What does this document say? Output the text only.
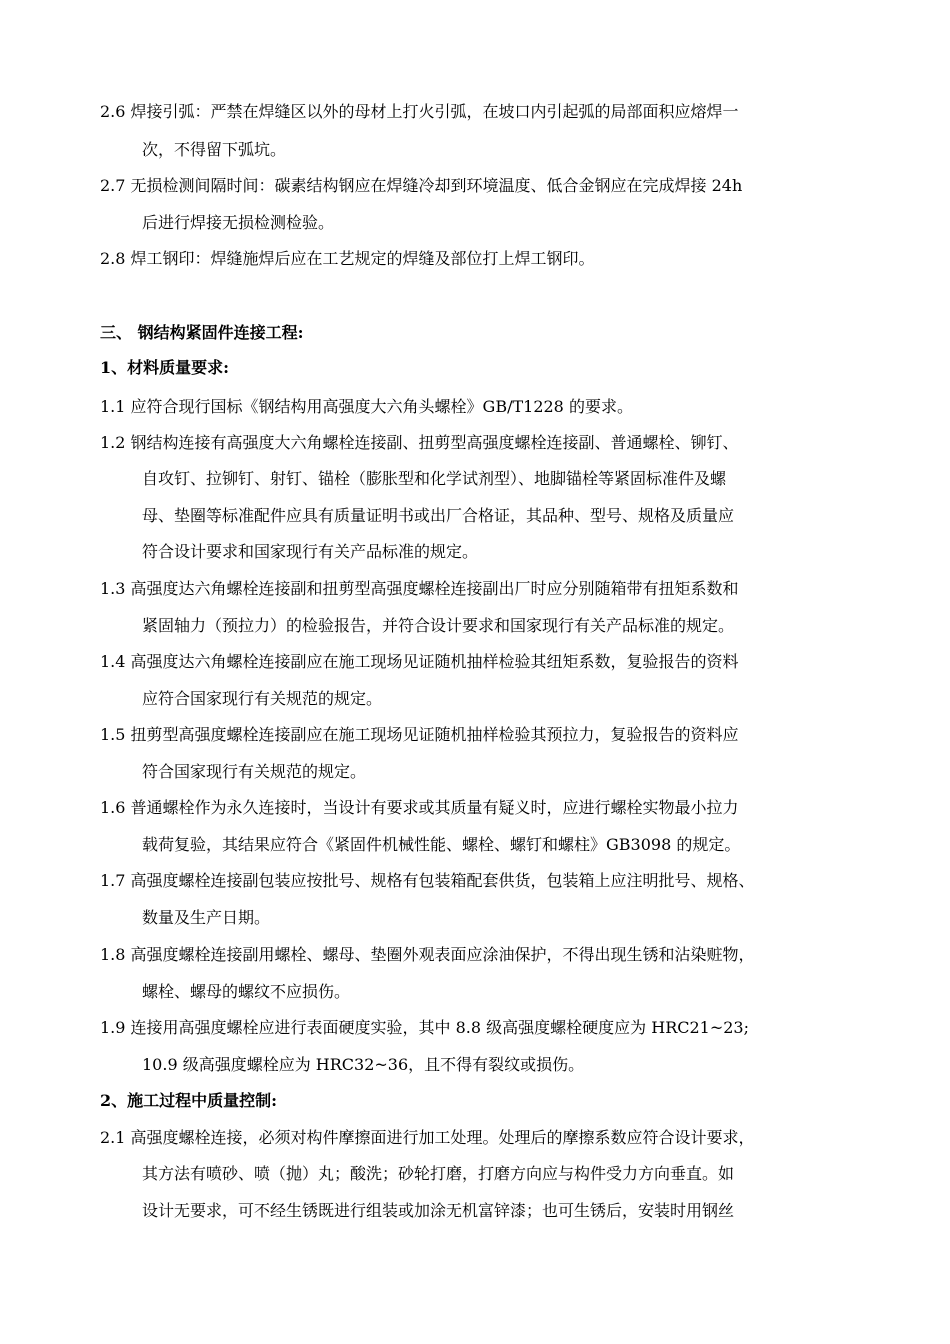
2.6 焊接引弧：严禁在焊缝区以外的母材上打火引弧，在坡口内引起弧的局部面积应熔焊一
次，不得留下弧坑。
2.7 无损检测间隔时间：碳素结构钢应在焊缝冷却到环境温度、低合金钢应在完成焊接 24h
后进行焊接无损检测检验。
2.8 焊工钢印：焊缝施焊后应在工艺规定的焊缝及部位打上焊工钢印。
三、 钢结构紧固件连接工程:
1、材料质量要求:
1.1 应符合现行国标《钢结构用高强度大六角头螺栓》GB/T1228 的要求。
1.2 钢结构连接有高强度大六角螺栓连接副、扭剪型高强度螺栓连接副、普通螺栓、铆钉、
自攻钉、拉铆钉、射钉、锚栓（膨胀型和化学试剂型）、地脚锚栓等紧固标准件及螺
母、垫圈等标准配件应具有质量证明书或出厂合格证，其品种、型号、规格及质量应
符合设计要求和国家现行有关产品标准的规定。
1.3 高强度达六角螺栓连接副和扭剪型高强度螺栓连接副出厂时应分别随箱带有扭矩系数和
紧固轴力（预拉力）的检验报告，并符合设计要求和国家现行有关产品标准的规定。
1.4 高强度达六角螺栓连接副应在施工现场见证随机抽样检验其纽矩系数，复验报告的资料
应符合国家现行有关规范的规定。
1.5 扭剪型高强度螺栓连接副应在施工现场见证随机抽样检验其预拉力，复验报告的资料应
符合国家现行有关规范的规定。
1.6 普通螺栓作为永久连接时，当设计有要求或其质量有疑义时，应进行螺栓实物最小拉力
载荷复验，其结果应符合《紧固件机械性能、螺栓、螺钉和螺柱》GB3098 的规定。
1.7 高强度螺栓连接副包装应按批号、规格有包装箱配套供货，包装箱上应注明批号、规格、
数量及生产日期。
1.8 高强度螺栓连接副用螺栓、螺母、垫圈外观表面应涂油保护，不得出现生锈和沾染赃物，
螺栓、螺母的螺纹不应损伤。
1.9 连接用高强度螺栓应进行表面硬度实验，其中 8.8 级高强度螺栓硬度应为 HRC21~23;
10.9 级高强度螺栓应为 HRC32~36，且不得有裂纹或损伤。
2、施工过程中质量控制:
2.1 高强度螺栓连接，必须对构件摩擦面进行加工处理。处理后的摩擦系数应符合设计要求，
其方法有喷砂、喷（抛）丸；酸洗；砂轮打磨，打磨方向应与构件受力方向垂直。如
设计无要求，可不经生锈既进行组装或加涂无机富锌漆；也可生锈后，安装时用钢丝
